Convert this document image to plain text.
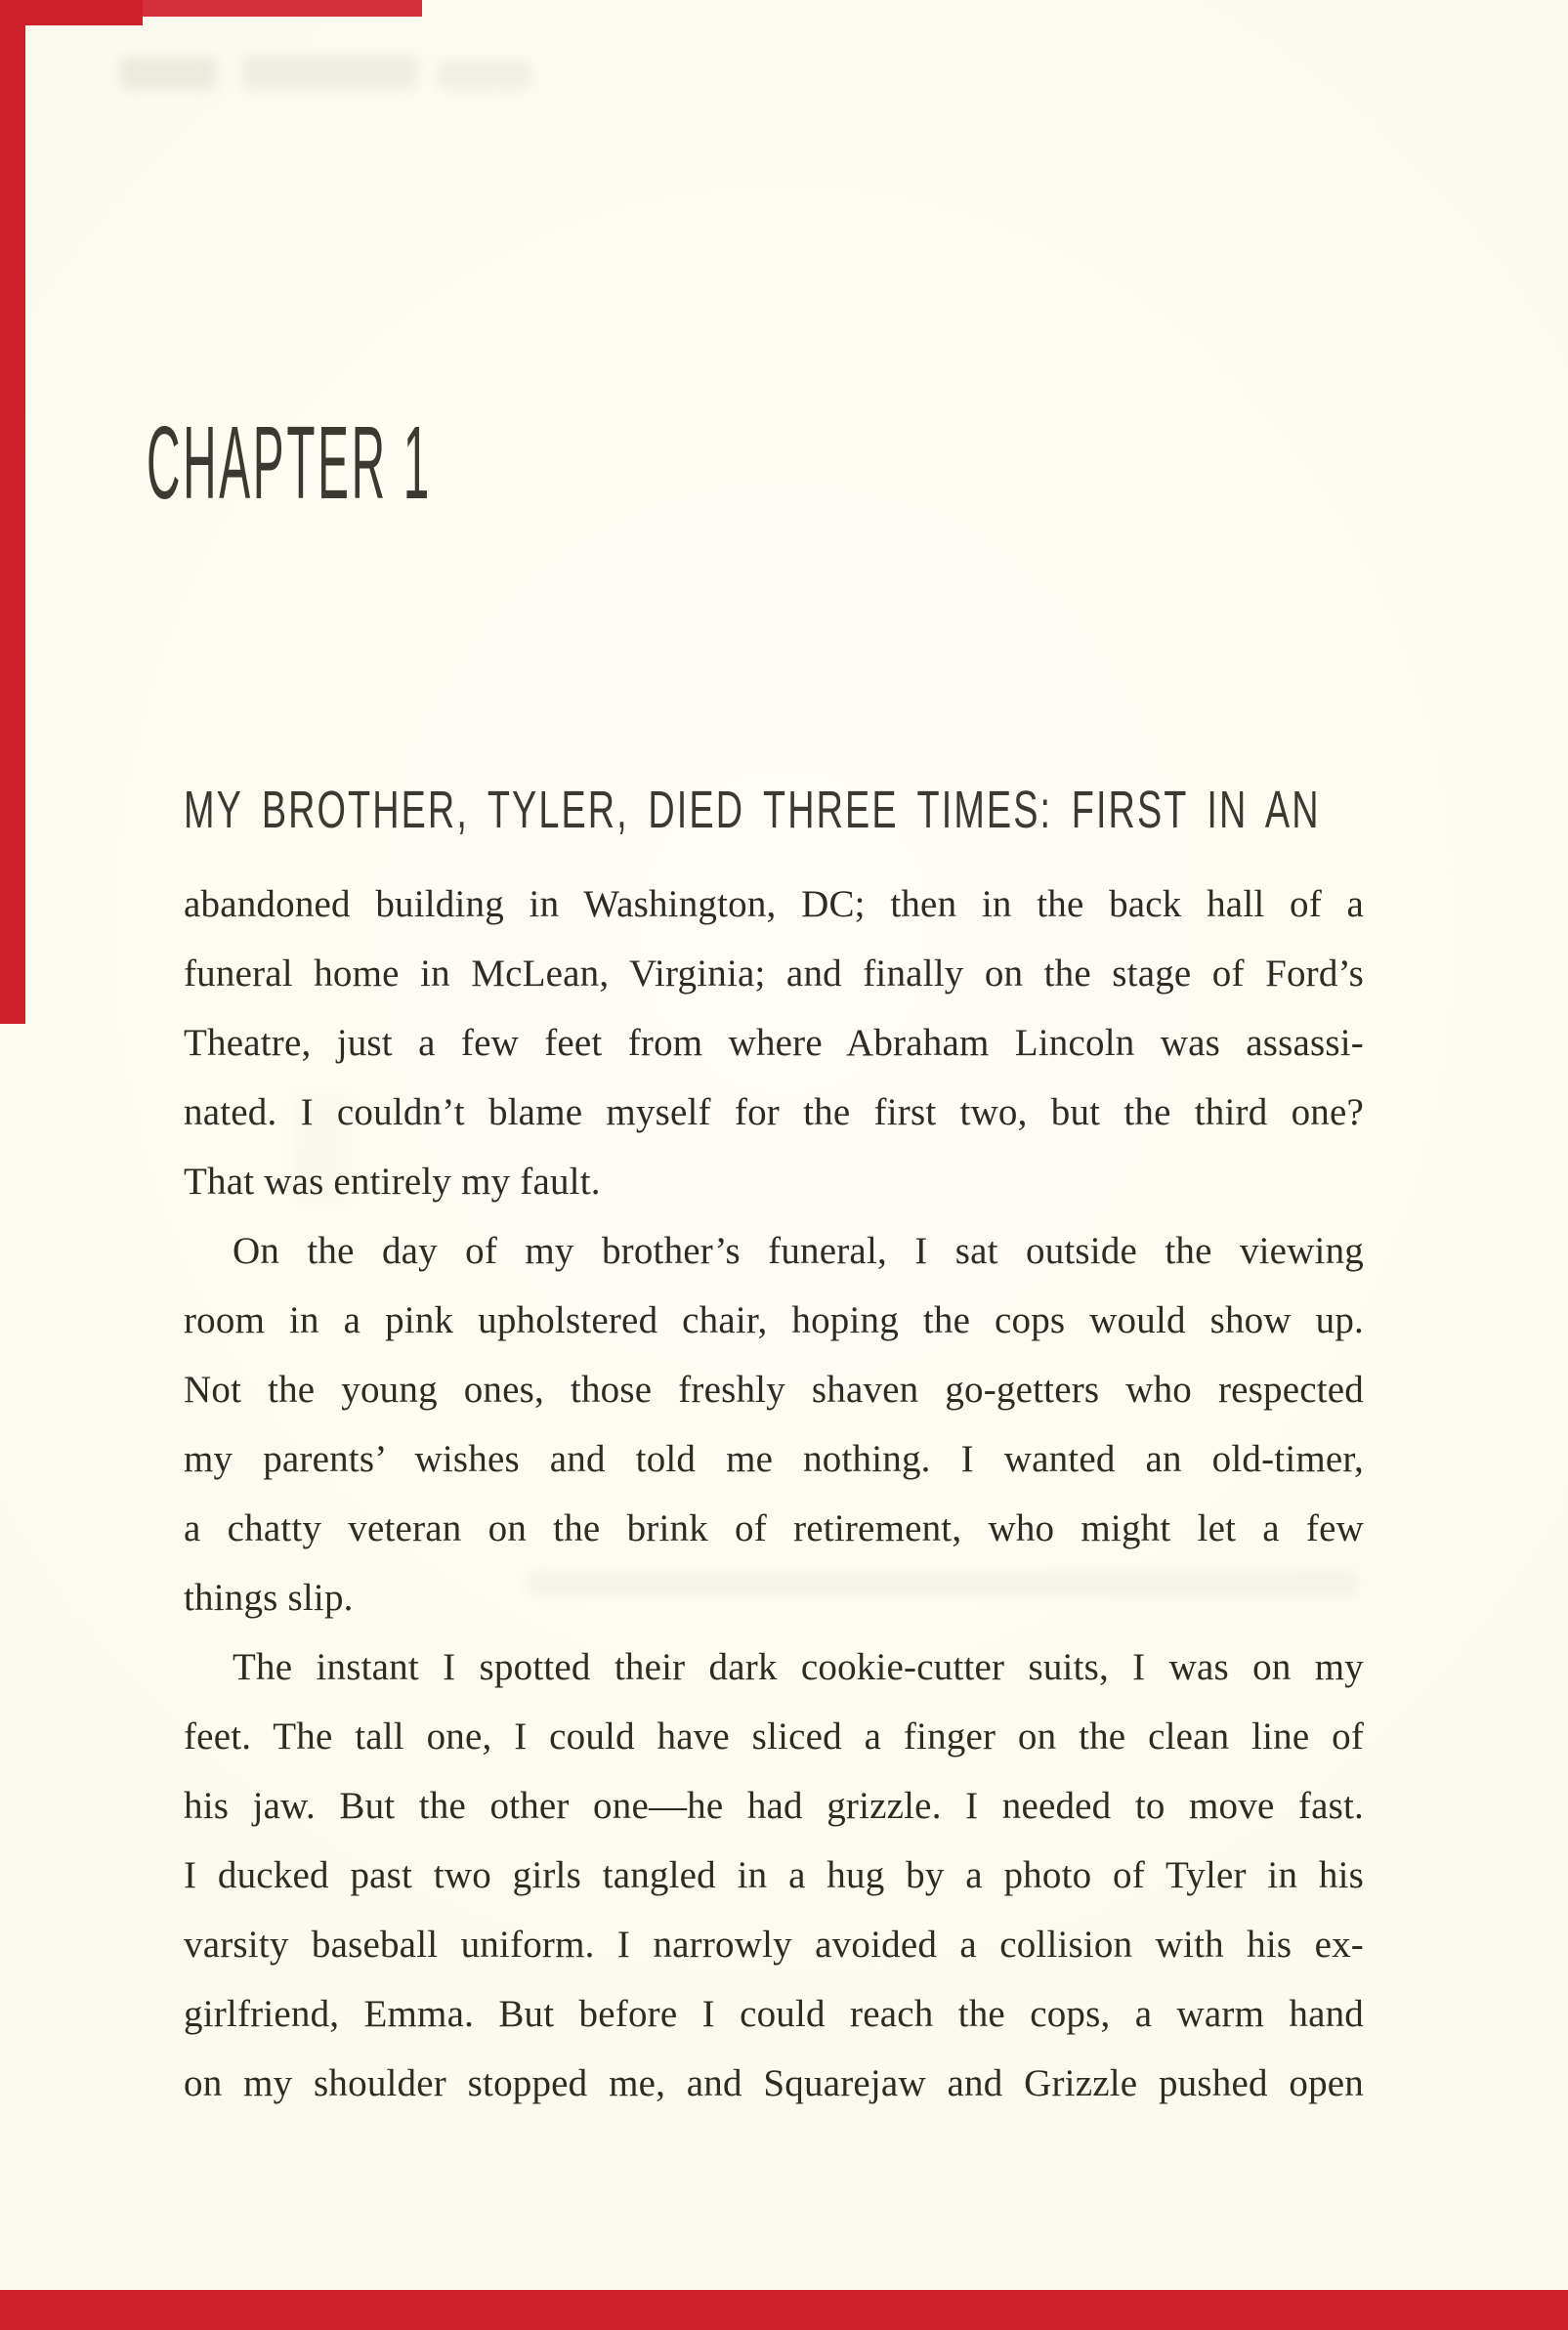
CHAPTER 1
MY BROTHER, TYLER, DIED THREE TIMES: FIRST IN AN
abandoned building in Washington, DC; then in the back hall of a
funeral home in McLean, Virginia; and finally on the stage of Ford’s
Theatre, just a few feet from where Abraham Lincoln was assassi-
nated. I couldn’t blame myself for the first two, but the third one?
That was entirely my fault.
On the day of my brother’s funeral, I sat outside the viewing
room in a pink upholstered chair, hoping the cops would show up.
Not the young ones, those freshly shaven go-getters who respected
my parents’ wishes and told me nothing. I wanted an old-timer,
a chatty veteran on the brink of retirement, who might let a few
things slip.
The instant I spotted their dark cookie-cutter suits, I was on my
feet. The tall one, I could have sliced a finger on the clean line of
his jaw. But the other one—he had grizzle. I needed to move fast.
I ducked past two girls tangled in a hug by a photo of Tyler in his
varsity baseball uniform. I narrowly avoided a collision with his ex-
girlfriend, Emma. But before I could reach the cops, a warm hand
on my shoulder stopped me, and Squarejaw and Grizzle pushed open
